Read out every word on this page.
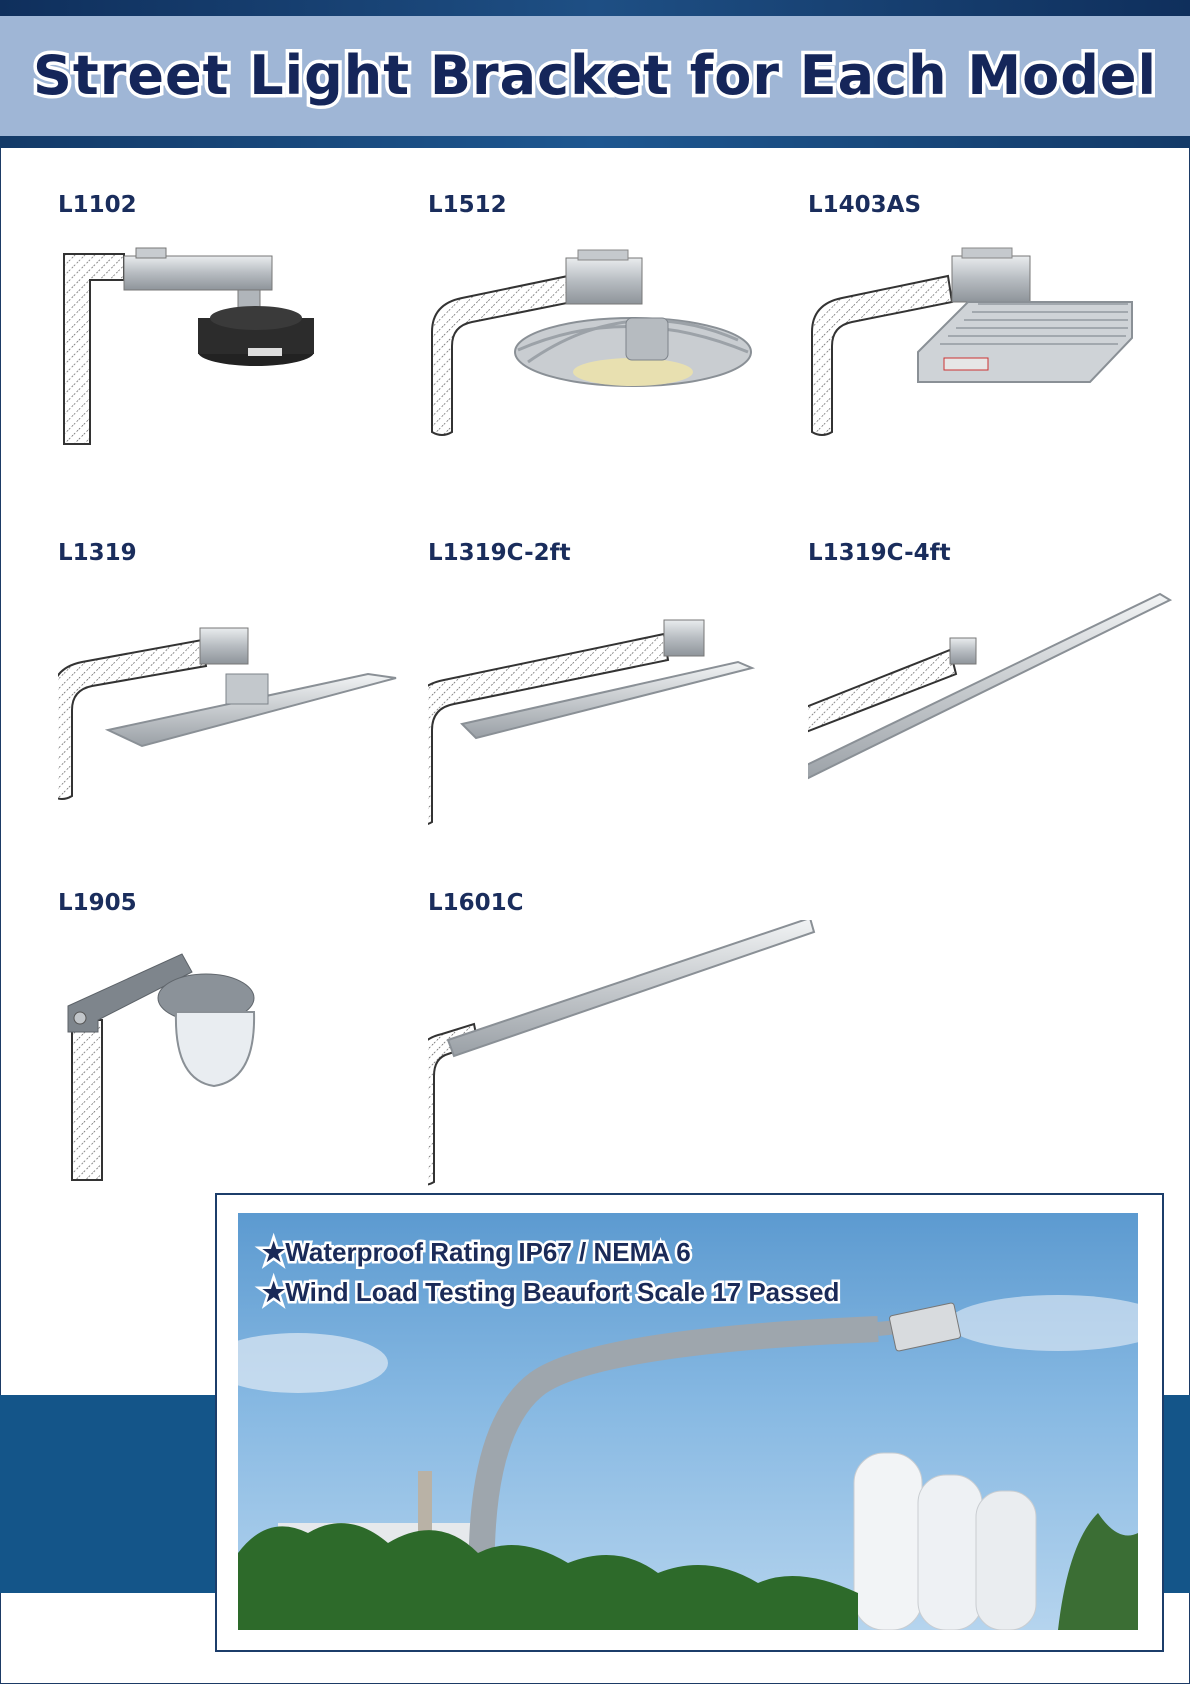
Street Light Bracket for Each Model
L1102	L1512	L1403AS
L1319	L1319C-2ft	L1319C-4ft
L1905	L1601C
★Waterproof Rating IP67 / NEMA 6
★Wind Load Testing Beaufort Scale 17 Passed
